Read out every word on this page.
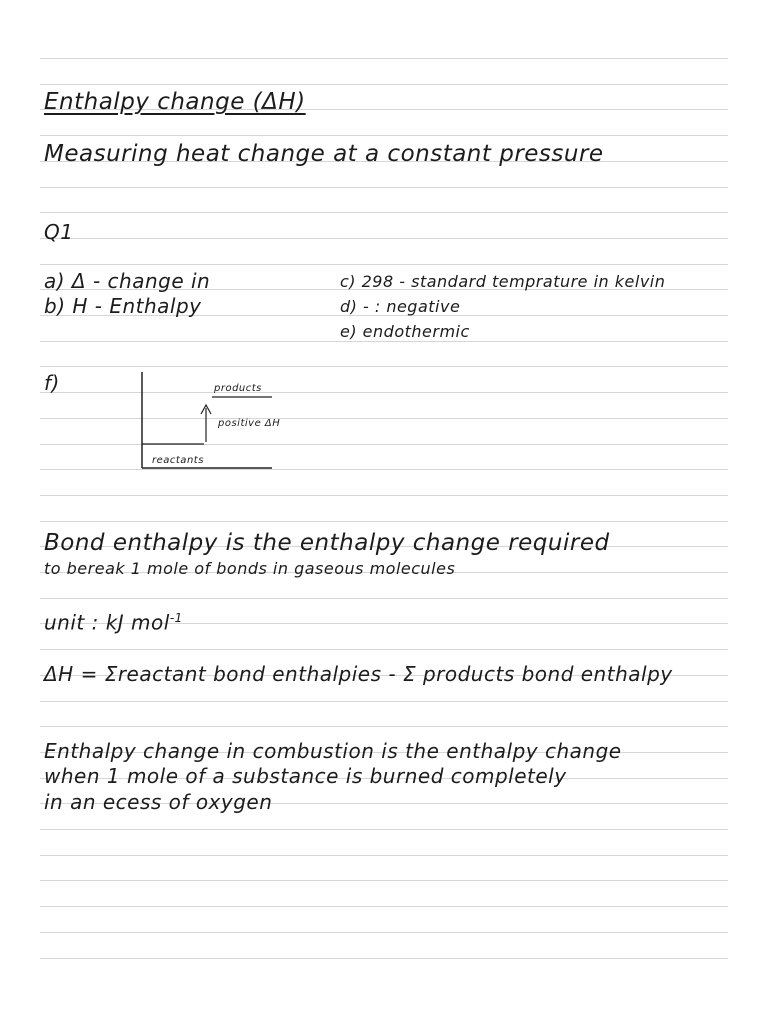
Enthalpy change (ΔH)
Measuring heat change at a constant pressure
Q1
a) Δ - change in
b) H - Enthalpy
c) 298 - standard temprature in kelvin
d) - : negative
e) endothermic
f)	products
positive ΔH
reactants
Bond enthalpy is the enthalpy change required
to bereak 1 mole of bonds in gaseous molecules
unit : kJ mol$^{-1}$
ΔH = Σreactant bond enthalpies - Σ products bond enthalpy
Enthalpy change in combustion is the enthalpy change
when 1 mole of a substance is burned completely
in an ecess of oxygen
